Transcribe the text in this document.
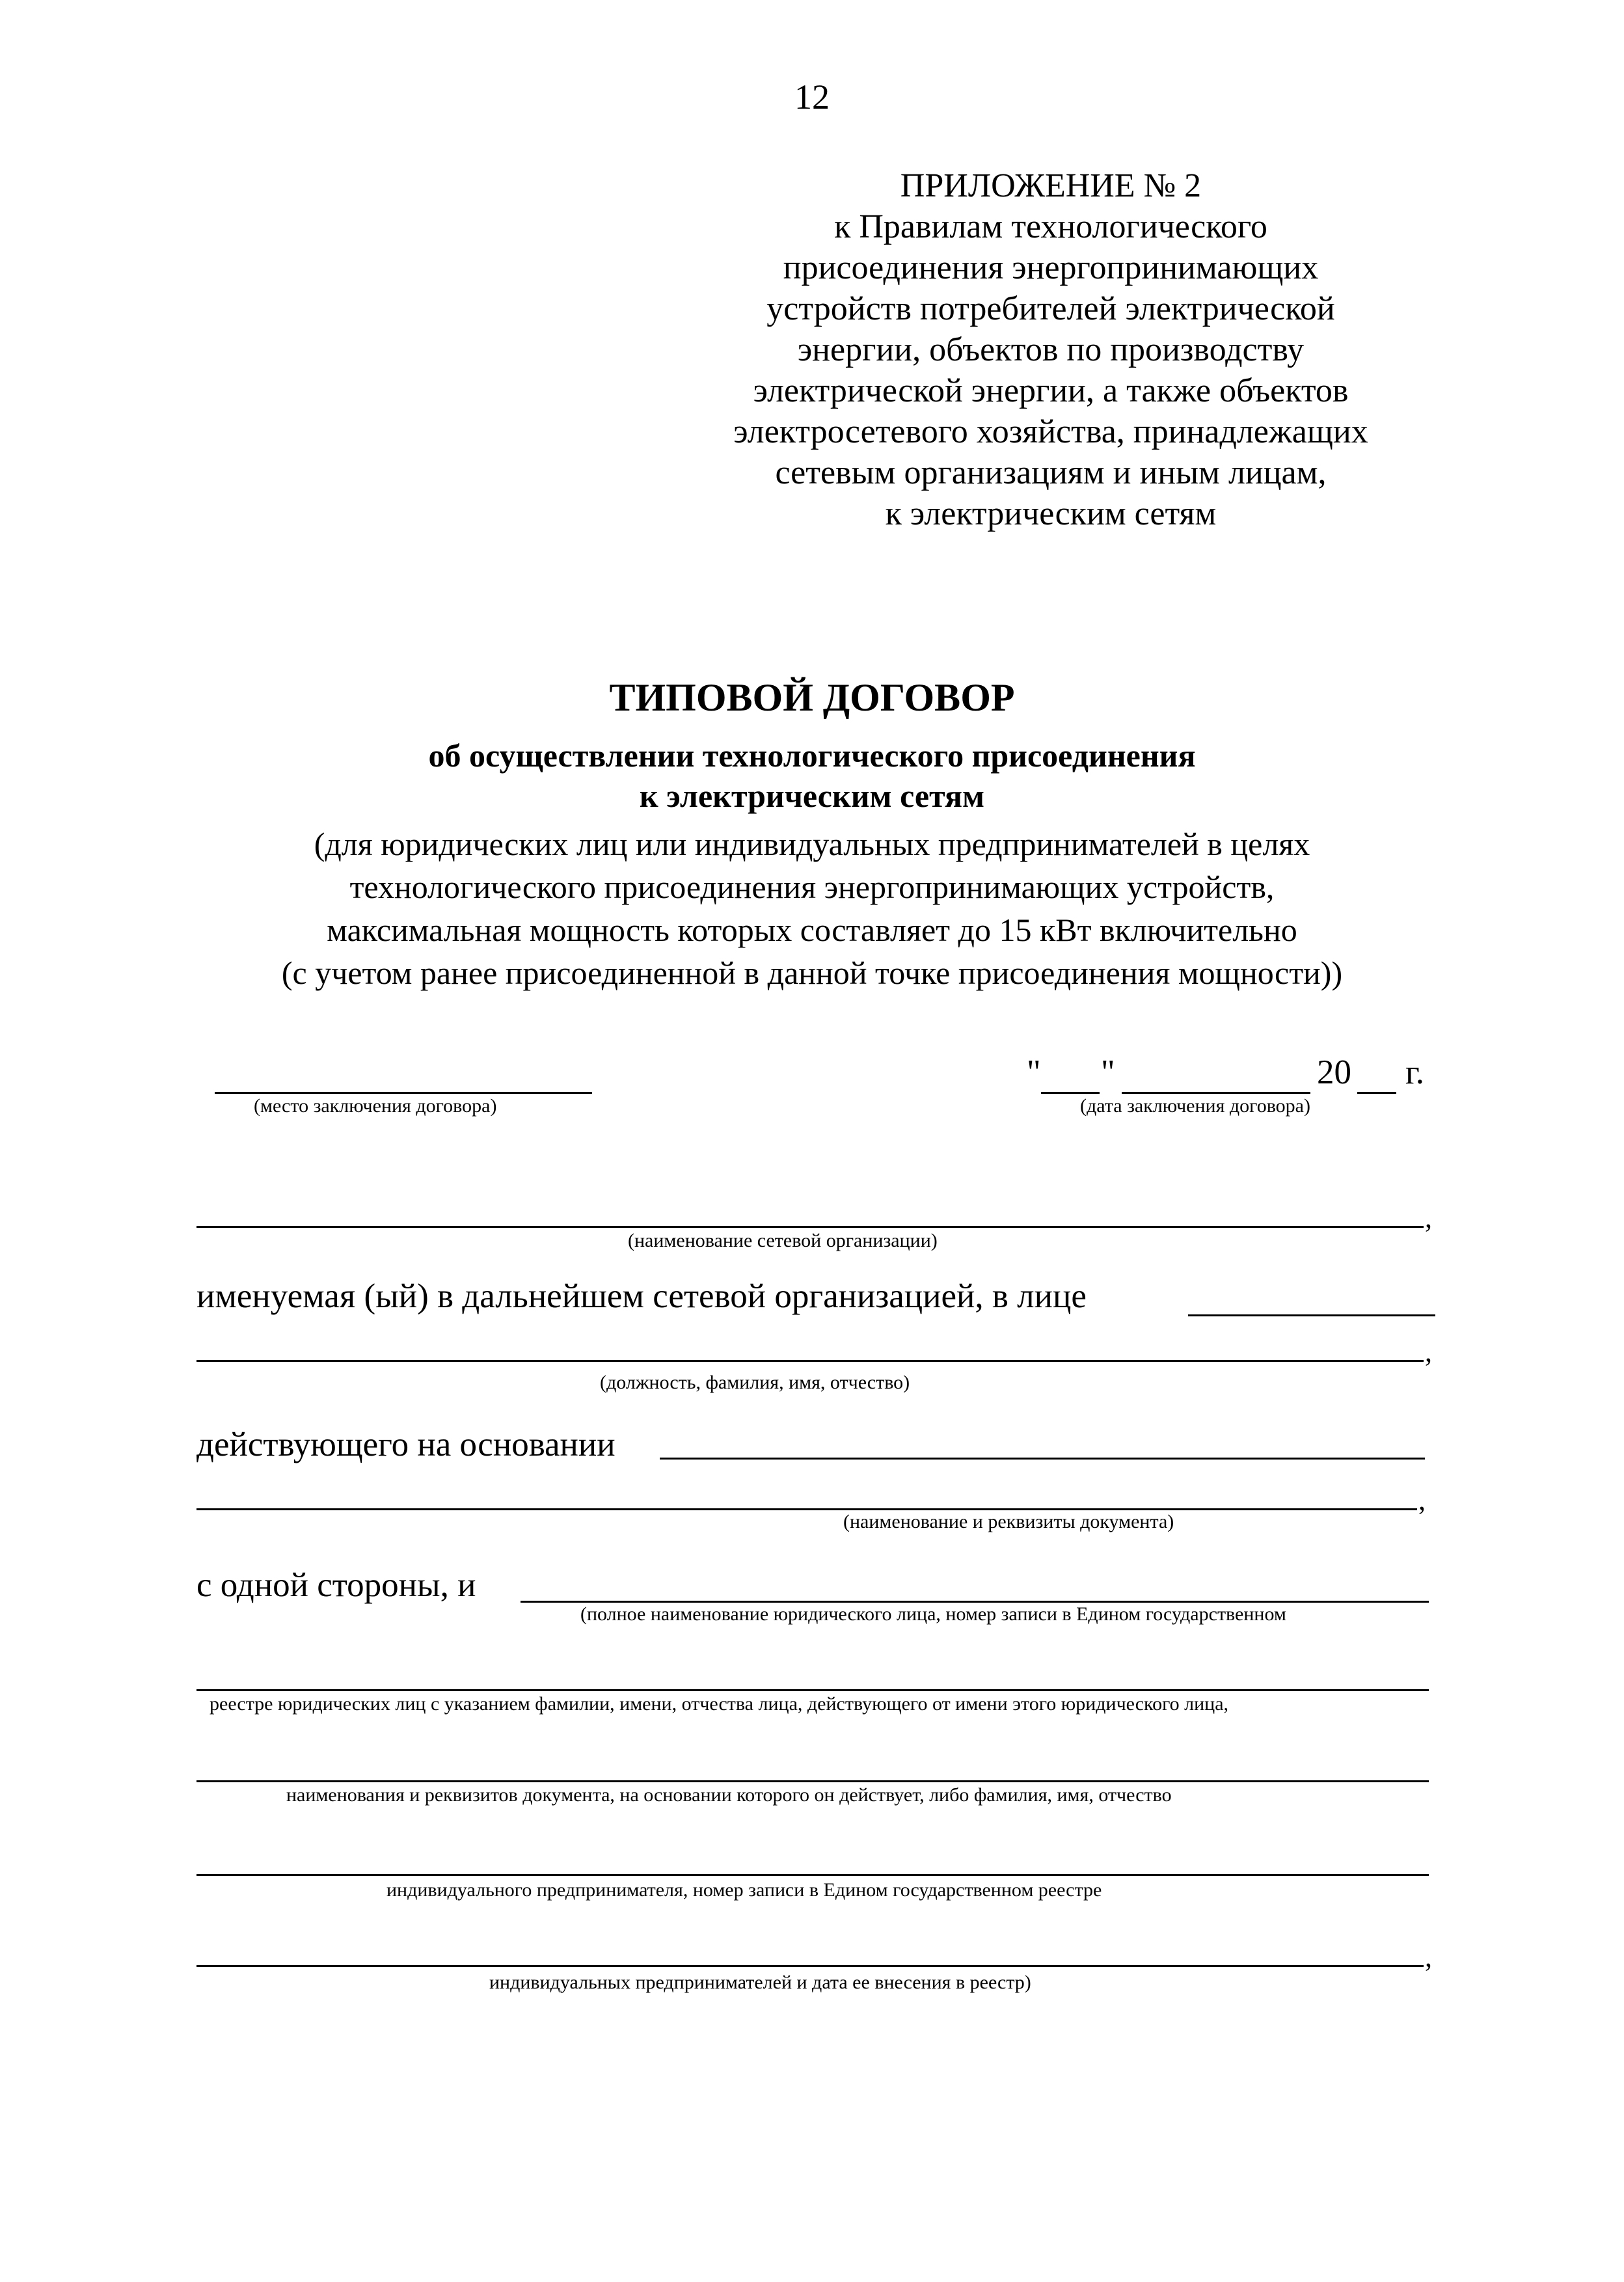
12
ПРИЛОЖЕНИЕ № 2
к Правилам технологического
присоединения энергопринимающих
устройств потребителей электрической
энергии, объектов по производству
электрической энергии, а также объектов
электросетевого хозяйства, принадлежащих
сетевым организациям и иным лицам,
к электрическим сетям
ТИПОВОЙ ДОГОВОР
об осуществлении технологического присоединения
к электрическим сетям
(для юридических лиц или индивидуальных предпринимателей в целях
технологического присоединения энергопринимающих устройств,
максимальная мощность которых составляет до 15 кВт включительно
(с учетом ранее присоединенной в данной точке присоединения мощности))
(место заключения договора)
" "	20 г.
(дата заключения договора)
,
(наименование сетевой организации)
именуемая (ый) в дальнейшем сетевой организацией, в лице
,
(должность, фамилия, имя, отчество)
действующего на основании
,
(наименование и реквизиты документа)
с одной стороны, и
(полное наименование юридического лица, номер записи в Едином государственном
реестре юридических лиц с указанием фамилии, имени, отчества лица, действующего от имени этого юридического лица,
наименования и реквизитов документа, на основании которого он действует, либо фамилия, имя, отчество
индивидуального предпринимателя, номер записи в Едином государственном реестре
,
индивидуальных предпринимателей и дата ее внесения в реестр)
